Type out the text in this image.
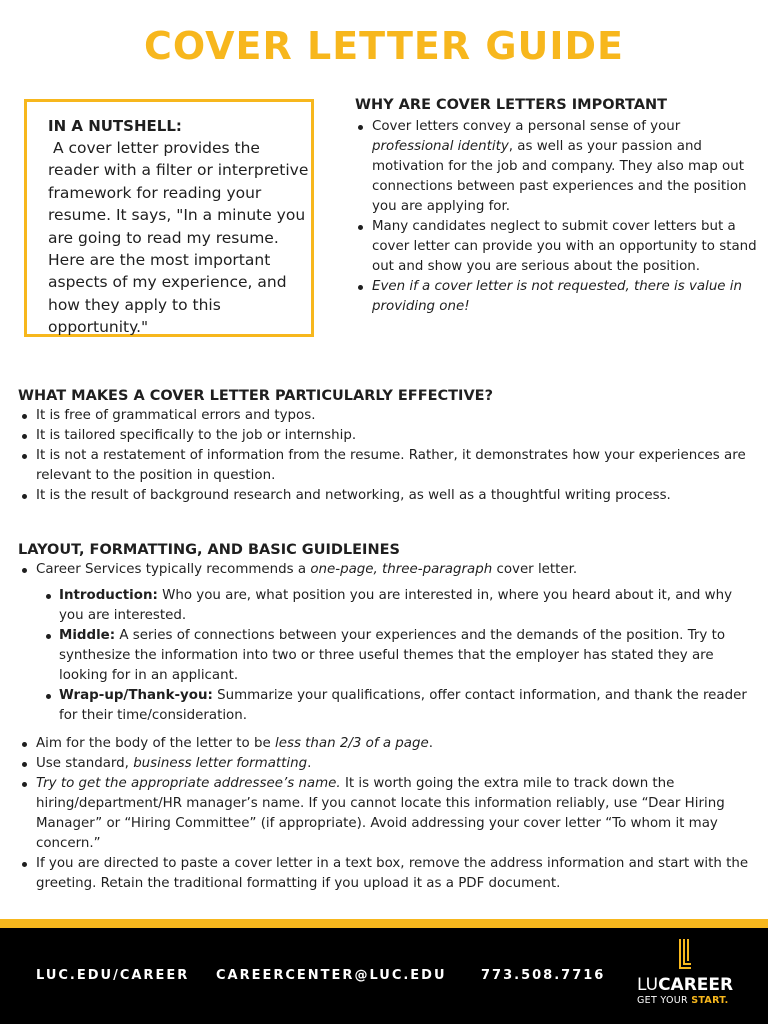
COVER LETTER GUIDE
IN A NUTSHELL:

A cover letter provides the reader with a filter or interpretive framework for reading your resume. It says, "In a minute you are going to read my resume. Here are the most important aspects of my experience, and how they apply to this opportunity."

WHY ARE COVER LETTERS IMPORTANT
Cover letters convey a personal sense of your professional identity, as well as your passion and motivation for the job and company. They also map out connections between past experiences and the position you are applying for.
Many candidates neglect to submit cover letters but a cover letter can provide you with an opportunity to stand out and show you are serious about the position.
Even if a cover letter is not requested, there is value in providing one!
WHAT MAKES A COVER LETTER PARTICULARLY EFFECTIVE?
It is free of grammatical errors and typos.
It is tailored specifically to the job or internship.
It is not a restatement of information from the resume. Rather, it demonstrates how your experiences are relevant to the position in question.
It is the result of background research and networking, as well as a thoughtful writing process.
LAYOUT, FORMATTING, AND BASIC GUIDLEINES
Career Services typically recommends a one-page, three-paragraph cover letter.
Introduction: Who you are, what position you are interested in, where you heard about it, and why you are interested.
Middle: A series of connections between your experiences and the demands of the position. Try to synthesize the information into two or three useful themes that the employer has stated they are looking for in an applicant.
Wrap-up/Thank-you: Summarize your qualifications, offer contact information, and thank the reader for their time/consideration.
Aim for the body of the letter to be less than 2/3 of a page.
Use standard, business letter formatting.
Try to get the appropriate addressee’s name. It is worth going the extra mile to track down the hiring/department/HR manager’s name. If you cannot locate this information reliably, use “Dear Hiring Manager” or “Hiring Committee” (if appropriate). Avoid addressing your cover letter “To whom it may concern.”
If you are directed to paste a cover letter in a text box, remove the address information and start with the greeting. Retain the traditional formatting if you upload it as a PDF document.
LUC.EDU/CAREER CAREERCENTER@LUC.EDU	773.508.7716 LUCAREER
GET YOUR START.
